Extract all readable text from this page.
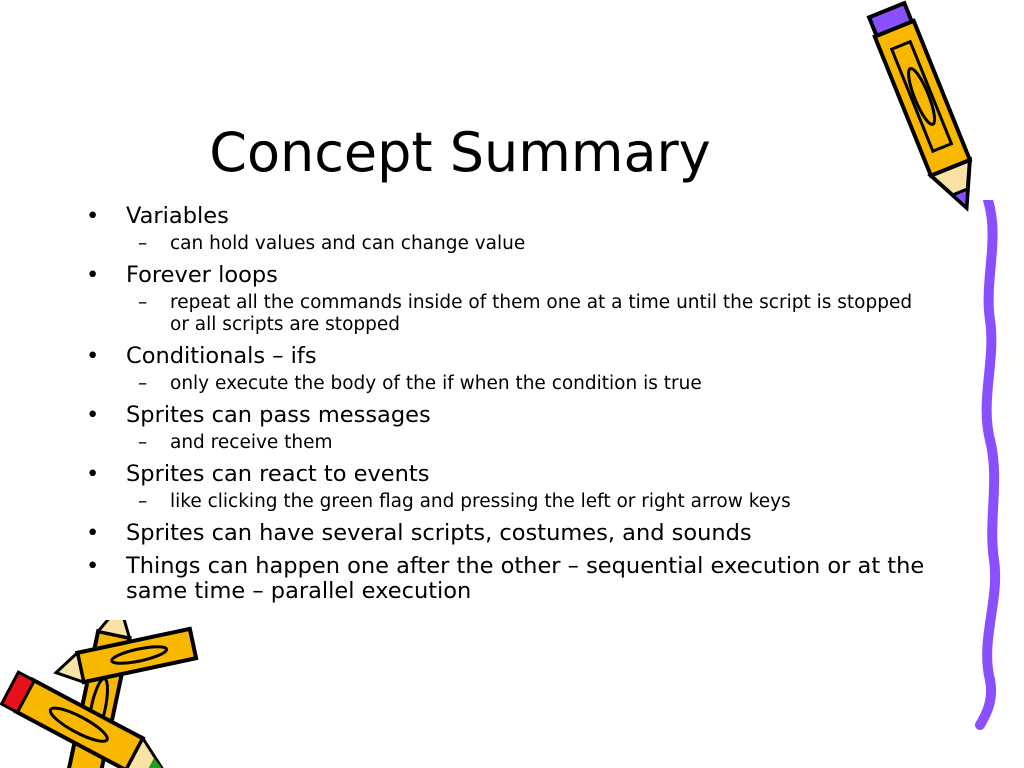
Concept Summary
• Variables
– can hold values and can change value
• Forever loops
– repeat all the commands inside of them one at a time until the script is stopped or all scripts are stopped
• Conditionals – ifs
– only execute the body of the if when the condition is true
• Sprites can pass messages
– and receive them
• Sprites can react to events
– like clicking the green flag and pressing the left or right arrow keys
• Sprites can have several scripts, costumes, and sounds
• Things can happen one after the other – sequential execution or at the same time – parallel execution
